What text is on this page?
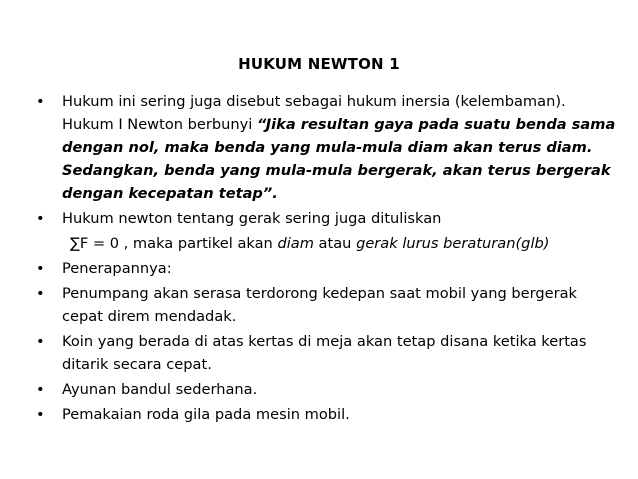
HUKUM NEWTON 1
•	Hukum ini sering juga disebut sebagai hukum inersia (kelembaman). Hukum I Newton berbunyi “Jika resultan gaya pada suatu benda sama dengan nol, maka benda yang mula-mula diam akan terus diam. Sedangkan, benda yang mula-mula bergerak, akan terus bergerak dengan kecepatan tetap”.
•	Hukum newton tentang gerak sering juga dituliskan
∑F = 0 , maka partikel akan diam atau gerak lurus beraturan(glb)
•	Penerapannya:
•	Penumpang akan serasa terdorong kedepan saat mobil yang bergerak cepat direm mendadak.
•	Koin yang berada di atas kertas di meja akan tetap disana ketika kertas ditarik secara cepat.
•	Ayunan bandul sederhana.
•	Pemakaian roda gila pada mesin mobil.
